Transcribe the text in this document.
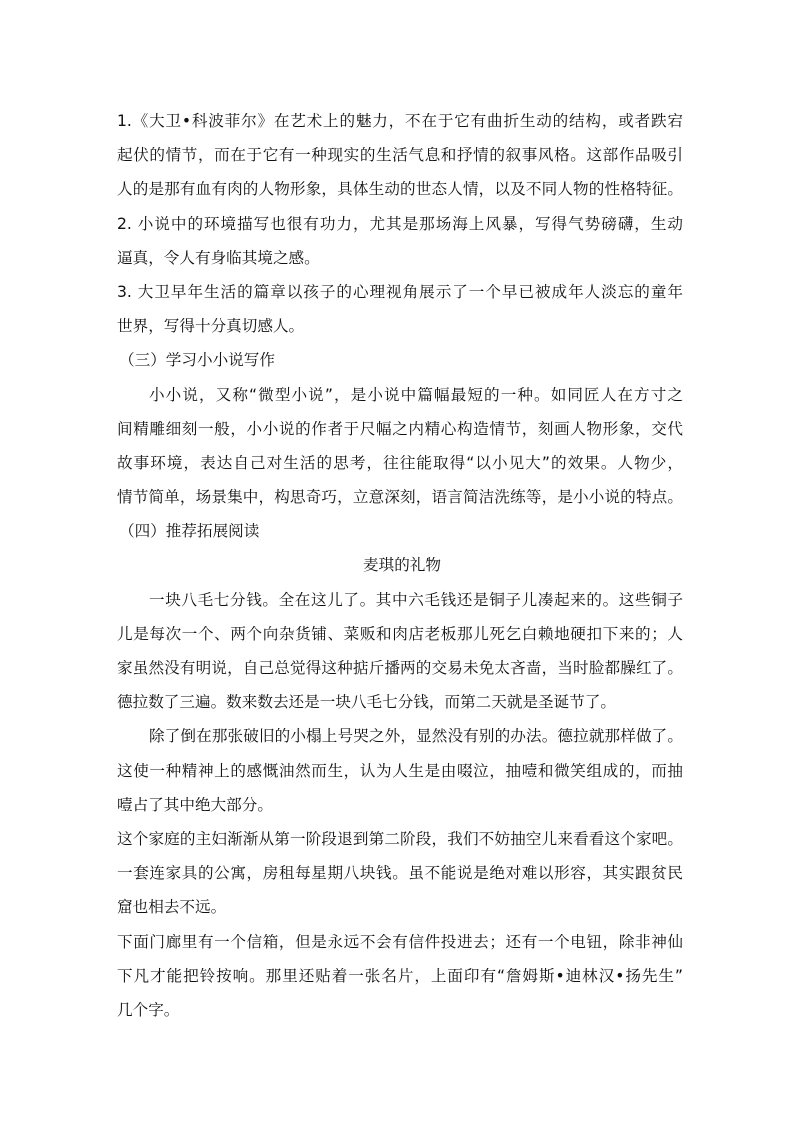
1.《大卫•科波菲尔》在艺术上的魅力，不在于它有曲折生动的结构，或者跌宕
起伏的情节，而在于它有一种现实的生活气息和抒情的叙事风格。这部作品吸引
人的是那有血有肉的人物形象，具体生动的世态人情，以及不同人物的性格特征。
2. 小说中的环境描写也很有功力，尤其是那场海上风暴，写得气势磅礴，生动
逼真，令人有身临其境之感。
3. 大卫早年生活的篇章以孩子的心理视角展示了一个早已被成年人淡忘的童年
世界，写得十分真切感人。
（三）学习小小说写作
小小说，又称“微型小说”，是小说中篇幅最短的一种。如同匠人在方寸之
间精雕细刻一般，小小说的作者于尺幅之内精心构造情节，刻画人物形象，交代
故事环境，表达自己对生活的思考，往往能取得“以小见大”的效果。人物少，
情节简单，场景集中，构思奇巧，立意深刻，语言简洁洗练等，是小小说的特点。
（四）推荐拓展阅读
麦琪的礼物
一块八毛七分钱。全在这儿了。其中六毛钱还是铜子儿凑起来的。这些铜子
儿是每次一个、两个向杂货铺、菜贩和肉店老板那儿死乞白赖地硬扣下来的；人
家虽然没有明说，自己总觉得这种掂斤播两的交易未免太吝啬，当时脸都臊红了。
德拉数了三遍。数来数去还是一块八毛七分钱，而第二天就是圣诞节了。
除了倒在那张破旧的小榻上号哭之外，显然没有别的办法。德拉就那样做了。
这使一种精神上的感慨油然而生，认为人生是由啜泣，抽噎和微笑组成的，而抽
噎占了其中绝大部分。
这个家庭的主妇渐渐从第一阶段退到第二阶段，我们不妨抽空儿来看看这个家吧。
一套连家具的公寓，房租每星期八块钱。虽不能说是绝对难以形容，其实跟贫民
窟也相去不远。
下面门廊里有一个信箱，但是永远不会有信件投进去；还有一个电钮，除非神仙
下凡才能把铃按响。那里还贴着一张名片，上面印有“詹姆斯•迪林汉•扬先生”
几个字。
